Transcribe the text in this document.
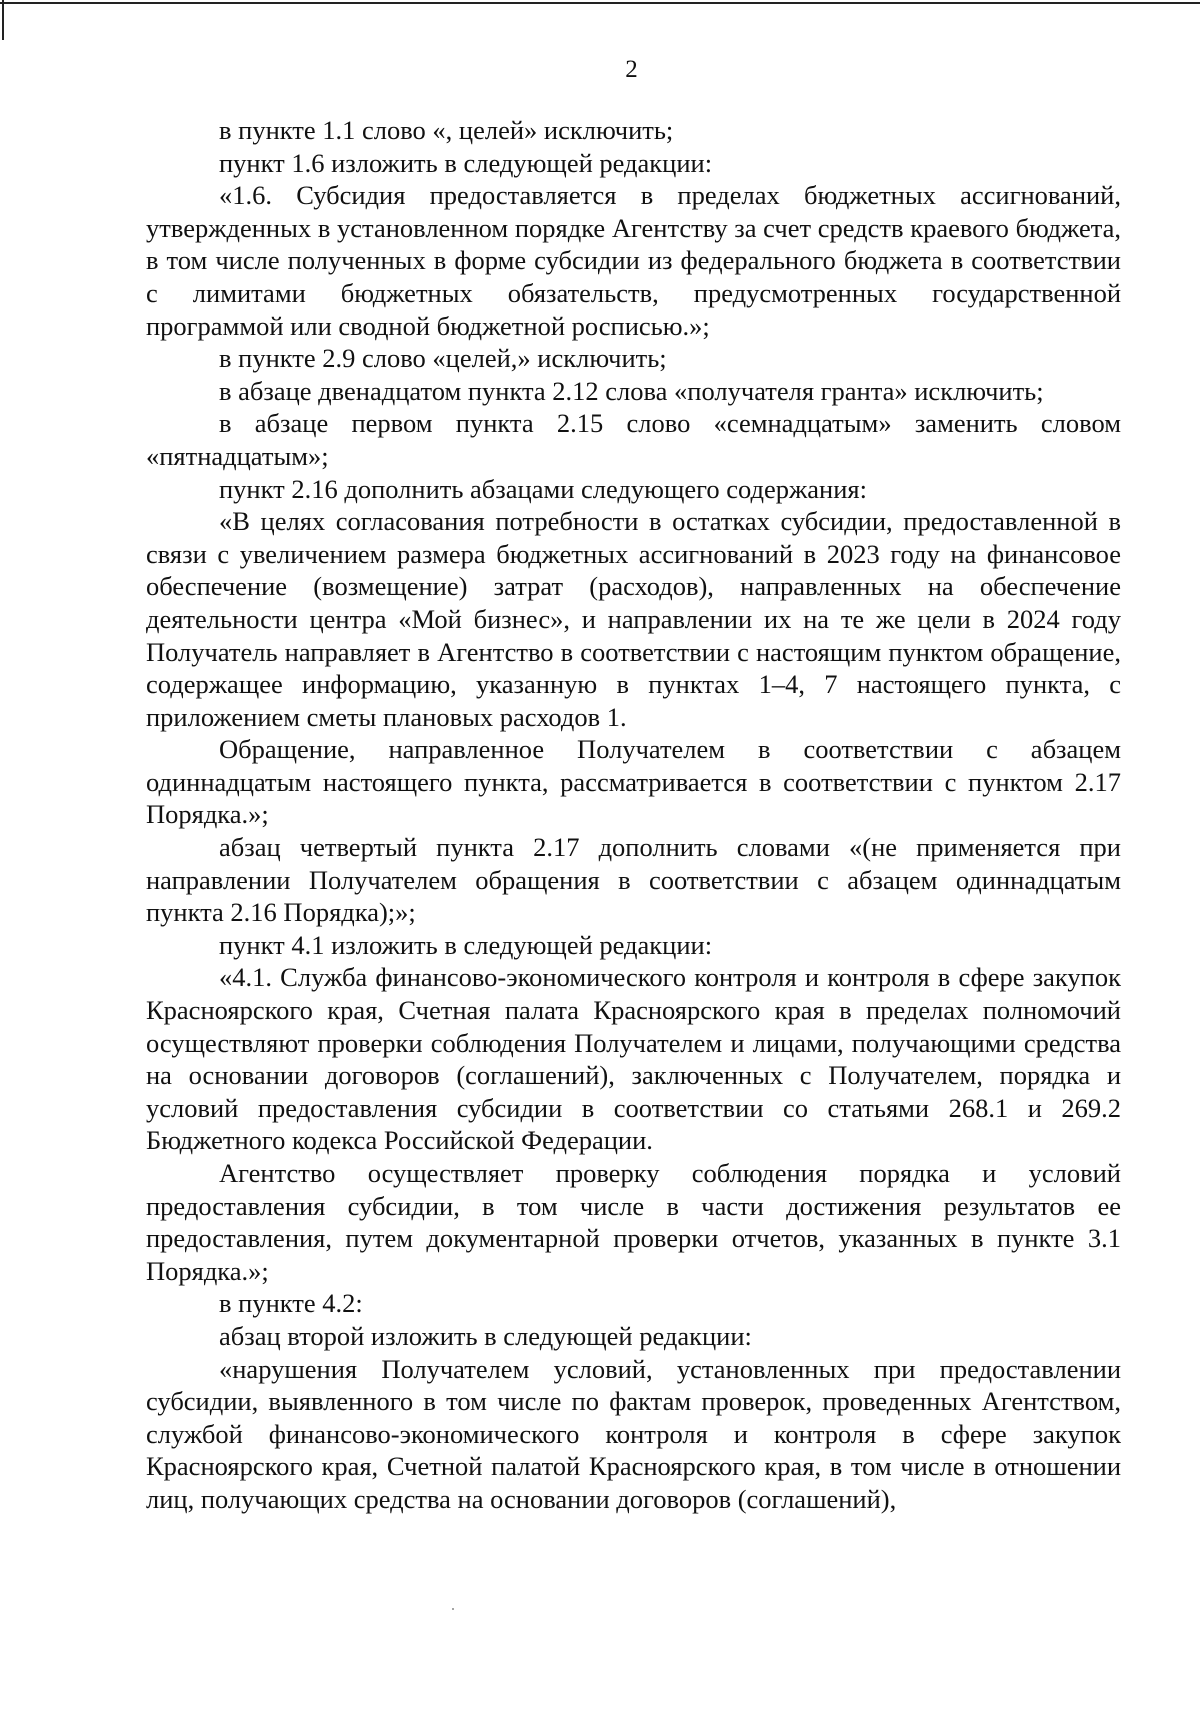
2

в пункте 1.1 слово «, целей» исключить;

пункт 1.6 изложить в следующей редакции:

«1.6. Субсидия предоставляется в пределах бюджетных ассигнований, утвержденных в установленном порядке Агентству за счет средств краевого бюджета, в том числе полученных в форме субсидии из федерального бюджета в соответствии с лимитами бюджетных обязательств, предусмотренных государственной программой или сводной бюджетной росписью.»;

в пункте 2.9 слово «целей,» исключить;

в абзаце двенадцатом пункта 2.12 слова «получателя гранта» исключить;

в абзаце первом пункта 2.15 слово «семнадцатым» заменить словом «пятнадцатым»;

пункт 2.16 дополнить абзацами следующего содержания:

«В целях согласования потребности в остатках субсидии, предоставленной в связи с увеличением размера бюджетных ассигнований в 2023 году на финансовое обеспечение (возмещение) затрат (расходов), направленных на обеспечение деятельности центра «Мой бизнес», и направлении их на те же цели в 2024 году Получатель направляет в Агентство в соответствии с настоящим пунктом обращение, содержащее информацию, указанную в пунктах 1–4, 7 настоящего пункта, с приложением сметы плановых расходов 1.

Обращение, направленное Получателем в соответствии с абзацем одиннадцатым настоящего пункта, рассматривается в соответствии с пунктом 2.17 Порядка.»;

абзац четвертый пункта 2.17 дополнить словами «(не применяется при направлении Получателем обращения в соответствии с абзацем одиннадцатым пункта 2.16 Порядка);»;

пункт 4.1 изложить в следующей редакции:

«4.1. Служба финансово-экономического контроля и контроля в сфере закупок Красноярского края, Счетная палата Красноярского края в пределах полномочий осуществляют проверки соблюдения Получателем и лицами, получающими средства на основании договоров (соглашений), заключенных с Получателем, порядка и условий предоставления субсидии в соответствии со статьями 268.1 и 269.2 Бюджетного кодекса Российской Федерации.

Агентство осуществляет проверку соблюдения порядка и условий предоставления субсидии, в том числе в части достижения результатов ее предоставления, путем документарной проверки отчетов, указанных в пункте 3.1 Порядка.»;

в пункте 4.2:

абзац второй изложить в следующей редакции:

«нарушения Получателем условий, установленных при предоставлении субсидии, выявленного в том числе по фактам проверок, проведенных Агентством, службой финансово-экономического контроля и контроля в сфере закупок Красноярского края, Счетной палатой Красноярского края, в том числе в отношении лиц, получающих средства на основании договоров (соглашений),
